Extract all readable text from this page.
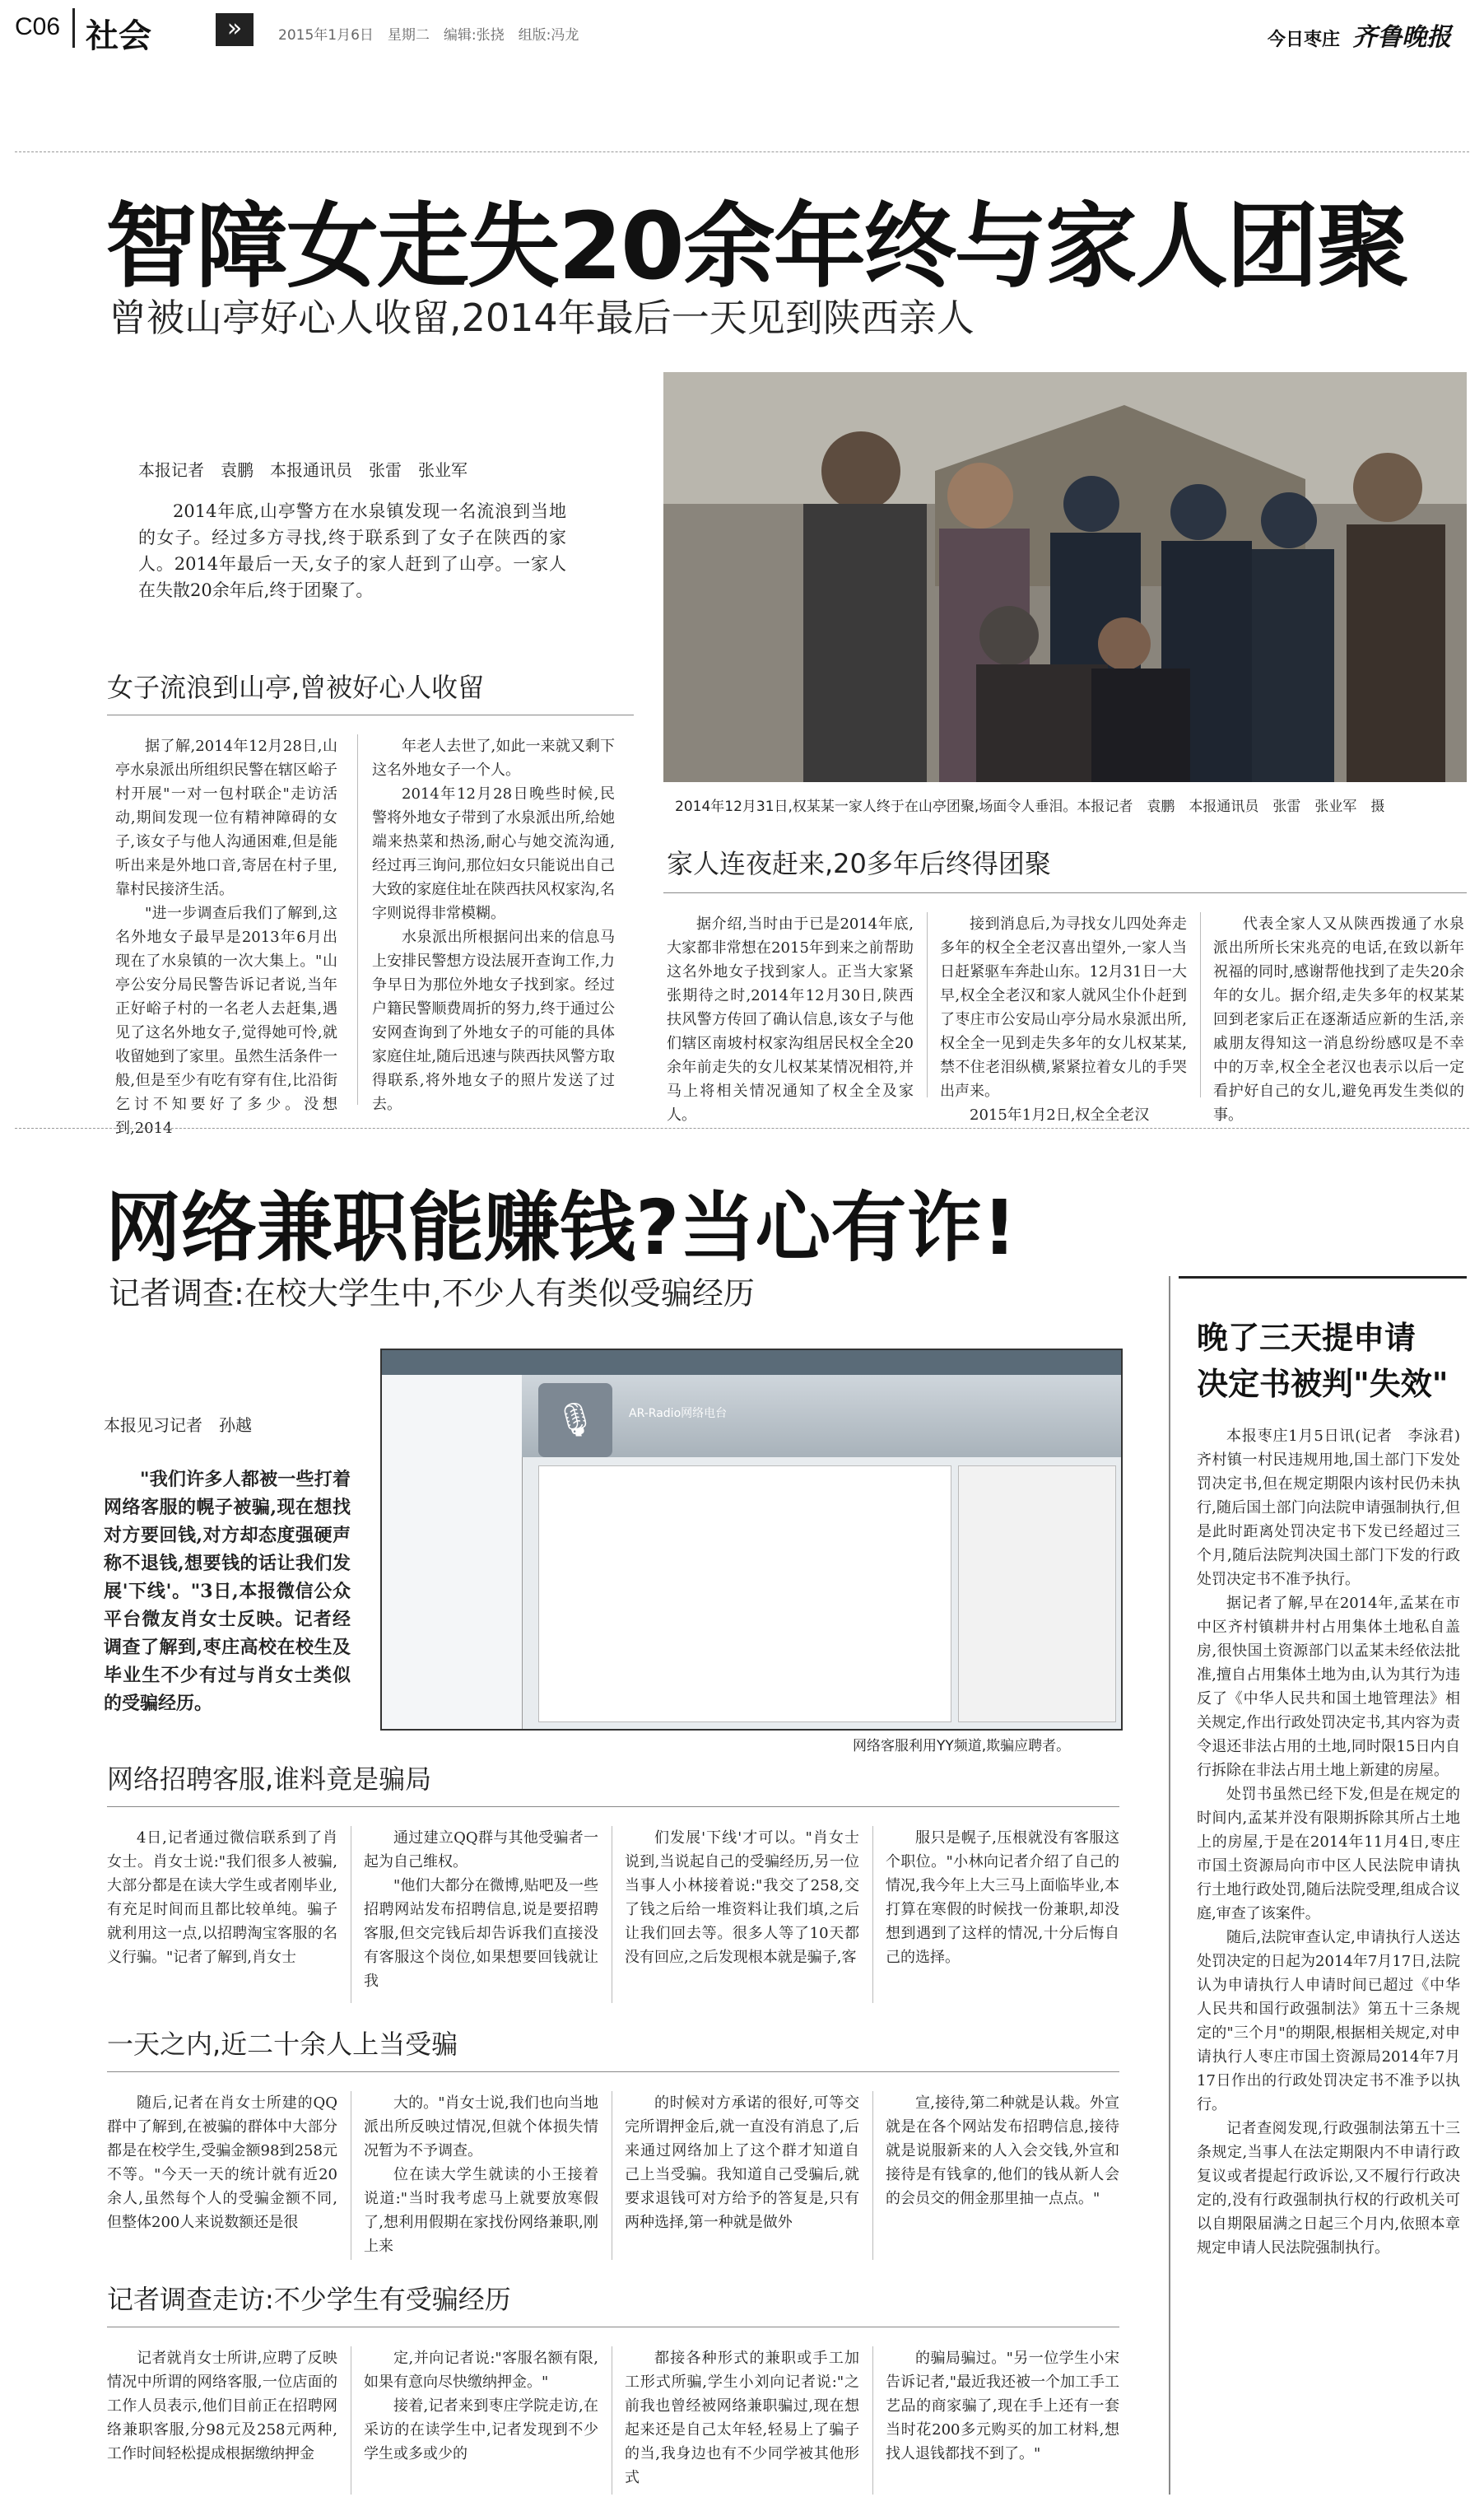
C06 社会	»	2015年1月6日　星期二　编辑:张挠　组版:冯龙	今日枣庄 齐鲁晚报
智障女走失20余年终与家人团聚
曾被山亭好心人收留,2014年最后一天见到陕西亲人
本报记者　袁鹏　本报通讯员　张雷　张业军

2014年底,山亭警方在水泉镇发现一名流浪到当地的女子。经过多方寻找,终于联系到了女子在陕西的家人。2014年最后一天,女子的家人赶到了山亭。一家人在失散20余年后,终于团聚了。

2014年12月31日,权某某一家人终于在山亭团聚,场面令人垂泪。本报记者　袁鹏　本报通讯员　张雷　张业军　摄
女子流浪到山亭,曾被好心人收留

据了解,2014年12月28日,山亭水泉派出所组织民警在辖区峪子村开展"一对一包村联企"走访活动,期间发现一位有精神障碍的女子,该女子与他人沟通困难,但是能听出来是外地口音,寄居在村子里,靠村民接济生活。

"进一步调查后我们了解到,这名外地女子最早是2013年6月出现在了水泉镇的一次大集上。"山亭公安分局民警告诉记者说,当年正好峪子村的一名老人去赶集,遇见了这名外地女子,觉得她可怜,就收留她到了家里。虽然生活条件一般,但是至少有吃有穿有住,比沿街乞讨不知要好了多少。没想到,2014

年老人去世了,如此一来就又剩下这名外地女子一个人。

2014年12月28日晚些时候,民警将外地女子带到了水泉派出所,给她端来热菜和热汤,耐心与她交流沟通,经过再三询问,那位妇女只能说出自己大致的家庭住址在陕西扶风权家沟,名字则说得非常模糊。

水泉派出所根据问出来的信息马上安排民警想方设法展开查询工作,力争早日为那位外地女子找到家。经过户籍民警顺费周折的努力,终于通过公安网查询到了外地女子的可能的具体家庭住址,随后迅速与陕西扶风警方取得联系,将外地女子的照片发送了过去。

家人连夜赶来,20多年后终得团聚

据介绍,当时由于已是2014年底,大家都非常想在2015年到来之前帮助这名外地女子找到家人。正当大家紧张期待之时,2014年12月30日,陕西扶风警方传回了确认信息,该女子与他们辖区南坡村权家沟组居民权全全20余年前走失的女儿权某某情况相符,并马上将相关情况通知了权全全及家人。

接到消息后,为寻找女儿四处奔走多年的权全全老汉喜出望外,一家人当日赶紧驱车奔赴山东。12月31日一大早,权全全老汉和家人就风尘仆仆赶到了枣庄市公安局山亭分局水泉派出所,权全全一见到走失多年的女儿权某某,禁不住老泪纵横,紧紧拉着女儿的手哭出声来。

2015年1月2日,权全全老汉

代表全家人又从陕西拨通了水泉派出所所长宋兆亮的电话,在致以新年祝福的同时,感谢帮他找到了走失20余年的女儿。据介绍,走失多年的权某某回到老家后正在逐渐适应新的生活,亲戚朋友得知这一消息纷纷感叹是不幸中的万幸,权全全老汉也表示以后一定看护好自己的女儿,避免再发生类似的事。

网络兼职能赚钱?当心有诈!
记者调查:在校大学生中,不少人有类似受骗经历
本报见习记者　孙越

"我们许多人都被一些打着网络客服的幌子被骗,现在想找对方要回钱,对方却态度强硬声称不退钱,想要钱的话让我们发展'下线'。"3日,本报微信公众平台微友肖女士反映。记者经调查了解到,枣庄高校在校生及毕业生不少有过与肖女士类似的受骗经历。

🎙	AR-Radio网络电台
网络客服利用YY频道,欺骗应聘者。
网络招聘客服,谁料竟是骗局

4日,记者通过微信联系到了肖女士。肖女士说:"我们很多人被骗,大部分都是在读大学生或者刚毕业,有充足时间而且都比较单纯。骗子就利用这一点,以招聘淘宝客服的名义行骗。"记者了解到,肖女士

通过建立QQ群与其他受骗者一起为自己维权。

"他们大都分在微博,贴吧及一些招聘网站发布招聘信息,说是要招聘客服,但交完钱后却告诉我们直接没有客服这个岗位,如果想要回钱就让我

们发展'下线'才可以。"肖女士说到,当说起自己的受骗经历,另一位当事人小林接着说:"我交了258,交了钱之后给一堆资料让我们填,之后让我们回去等。很多人等了10天都没有回应,之后发现根本就是骗子,客

服只是幌子,压根就没有客服这个职位。"小林向记者介绍了自己的情况,我今年上大三马上面临毕业,本打算在寒假的时候找一份兼职,却没想到遇到了这样的情况,十分后悔自己的选择。

一天之内,近二十余人上当受骗

随后,记者在肖女士所建的QQ群中了解到,在被骗的群体中大部分都是在校学生,受骗金额98到258元不等。"今天一天的统计就有近20余人,虽然每个人的受骗金额不同,但整体200人来说数额还是很

大的。"肖女士说,我们也向当地派出所反映过情况,但就个体损失情况暂为不予调查。

位在读大学生就读的小王接着说道:"当时我考虑马上就要放寒假了,想利用假期在家找份网络兼职,刚上来

的时候对方承诺的很好,可等交完所谓押金后,就一直没有消息了,后来通过网络加上了这个群才知道自己上当受骗。我知道自己受骗后,就要求退钱可对方给予的答复是,只有两种选择,第一种就是做外

宣,接待,第二种就是认栽。外宣就是在各个网站发布招聘信息,接待就是说服新来的人入会交钱,外宣和接待是有钱拿的,他们的钱从新人会的会员交的佣金那里抽一点点。"

记者调查走访:不少学生有受骗经历

记者就肖女士所讲,应聘了反映情况中所谓的网络客服,一位店面的工作人员表示,他们目前正在招聘网络兼职客服,分98元及258元两种,工作时间轻松提成根据缴纳押金

定,并向记者说:"客服名额有限,如果有意向尽快缴纳押金。"

接着,记者来到枣庄学院走访,在采访的在读学生中,记者发现到不少学生或多或少的

都接各种形式的兼职或手工加工形式所骗,学生小刘向记者说:"之前我也曾经被网络兼职骗过,现在想起来还是自己太年轻,轻易上了骗子的当,我身边也有不少同学被其他形式

的骗局骗过。"另一位学生小宋告诉记者,"最近我还被一个加工手工艺品的商家骗了,现在手上还有一套当时花200多元购买的加工材料,想找人退钱都找不到了。"

晚了三天提申请
决定书被判"失效"

本报枣庄1月5日讯(记者　李泳君)　齐村镇一村民违规用地,国土部门下发处罚决定书,但在规定期限内该村民仍未执行,随后国土部门向法院申请强制执行,但是此时距离处罚决定书下发已经超过三个月,随后法院判决国土部门下发的行政处罚决定书不准予执行。

据记者了解,早在2014年,孟某在市中区齐村镇耕井村占用集体土地私自盖房,很快国土资源部门以孟某未经依法批准,擅自占用集体土地为由,认为其行为违反了《中华人民共和国土地管理法》相关规定,作出行政处罚决定书,其内容为责令退还非法占用的土地,同时限15日内自行拆除在非法占用土地上新建的房屋。

处罚书虽然已经下发,但是在规定的时间内,孟某并没有限期拆除其所占土地上的房屋,于是在2014年11月4日,枣庄市国土资源局向市中区人民法院申请执行土地行政处罚,随后法院受理,组成合议庭,审查了该案件。

随后,法院审查认定,申请执行人送达处罚决定的日起为2014年7月17日,法院认为申请执行人申请时间已超过《中华人民共和国行政强制法》第五十三条规定的"三个月"的期限,根据相关规定,对申请执行人枣庄市国土资源局2014年7月17日作出的行政处罚决定书不准予以执行。

记者查阅发现,行政强制法第五十三条规定,当事人在法定期限内不申请行政复议或者提起行政诉讼,又不履行行政决定的,没有行政强制执行权的行政机关可以自期限届满之日起三个月内,依照本章规定申请人民法院强制执行。
